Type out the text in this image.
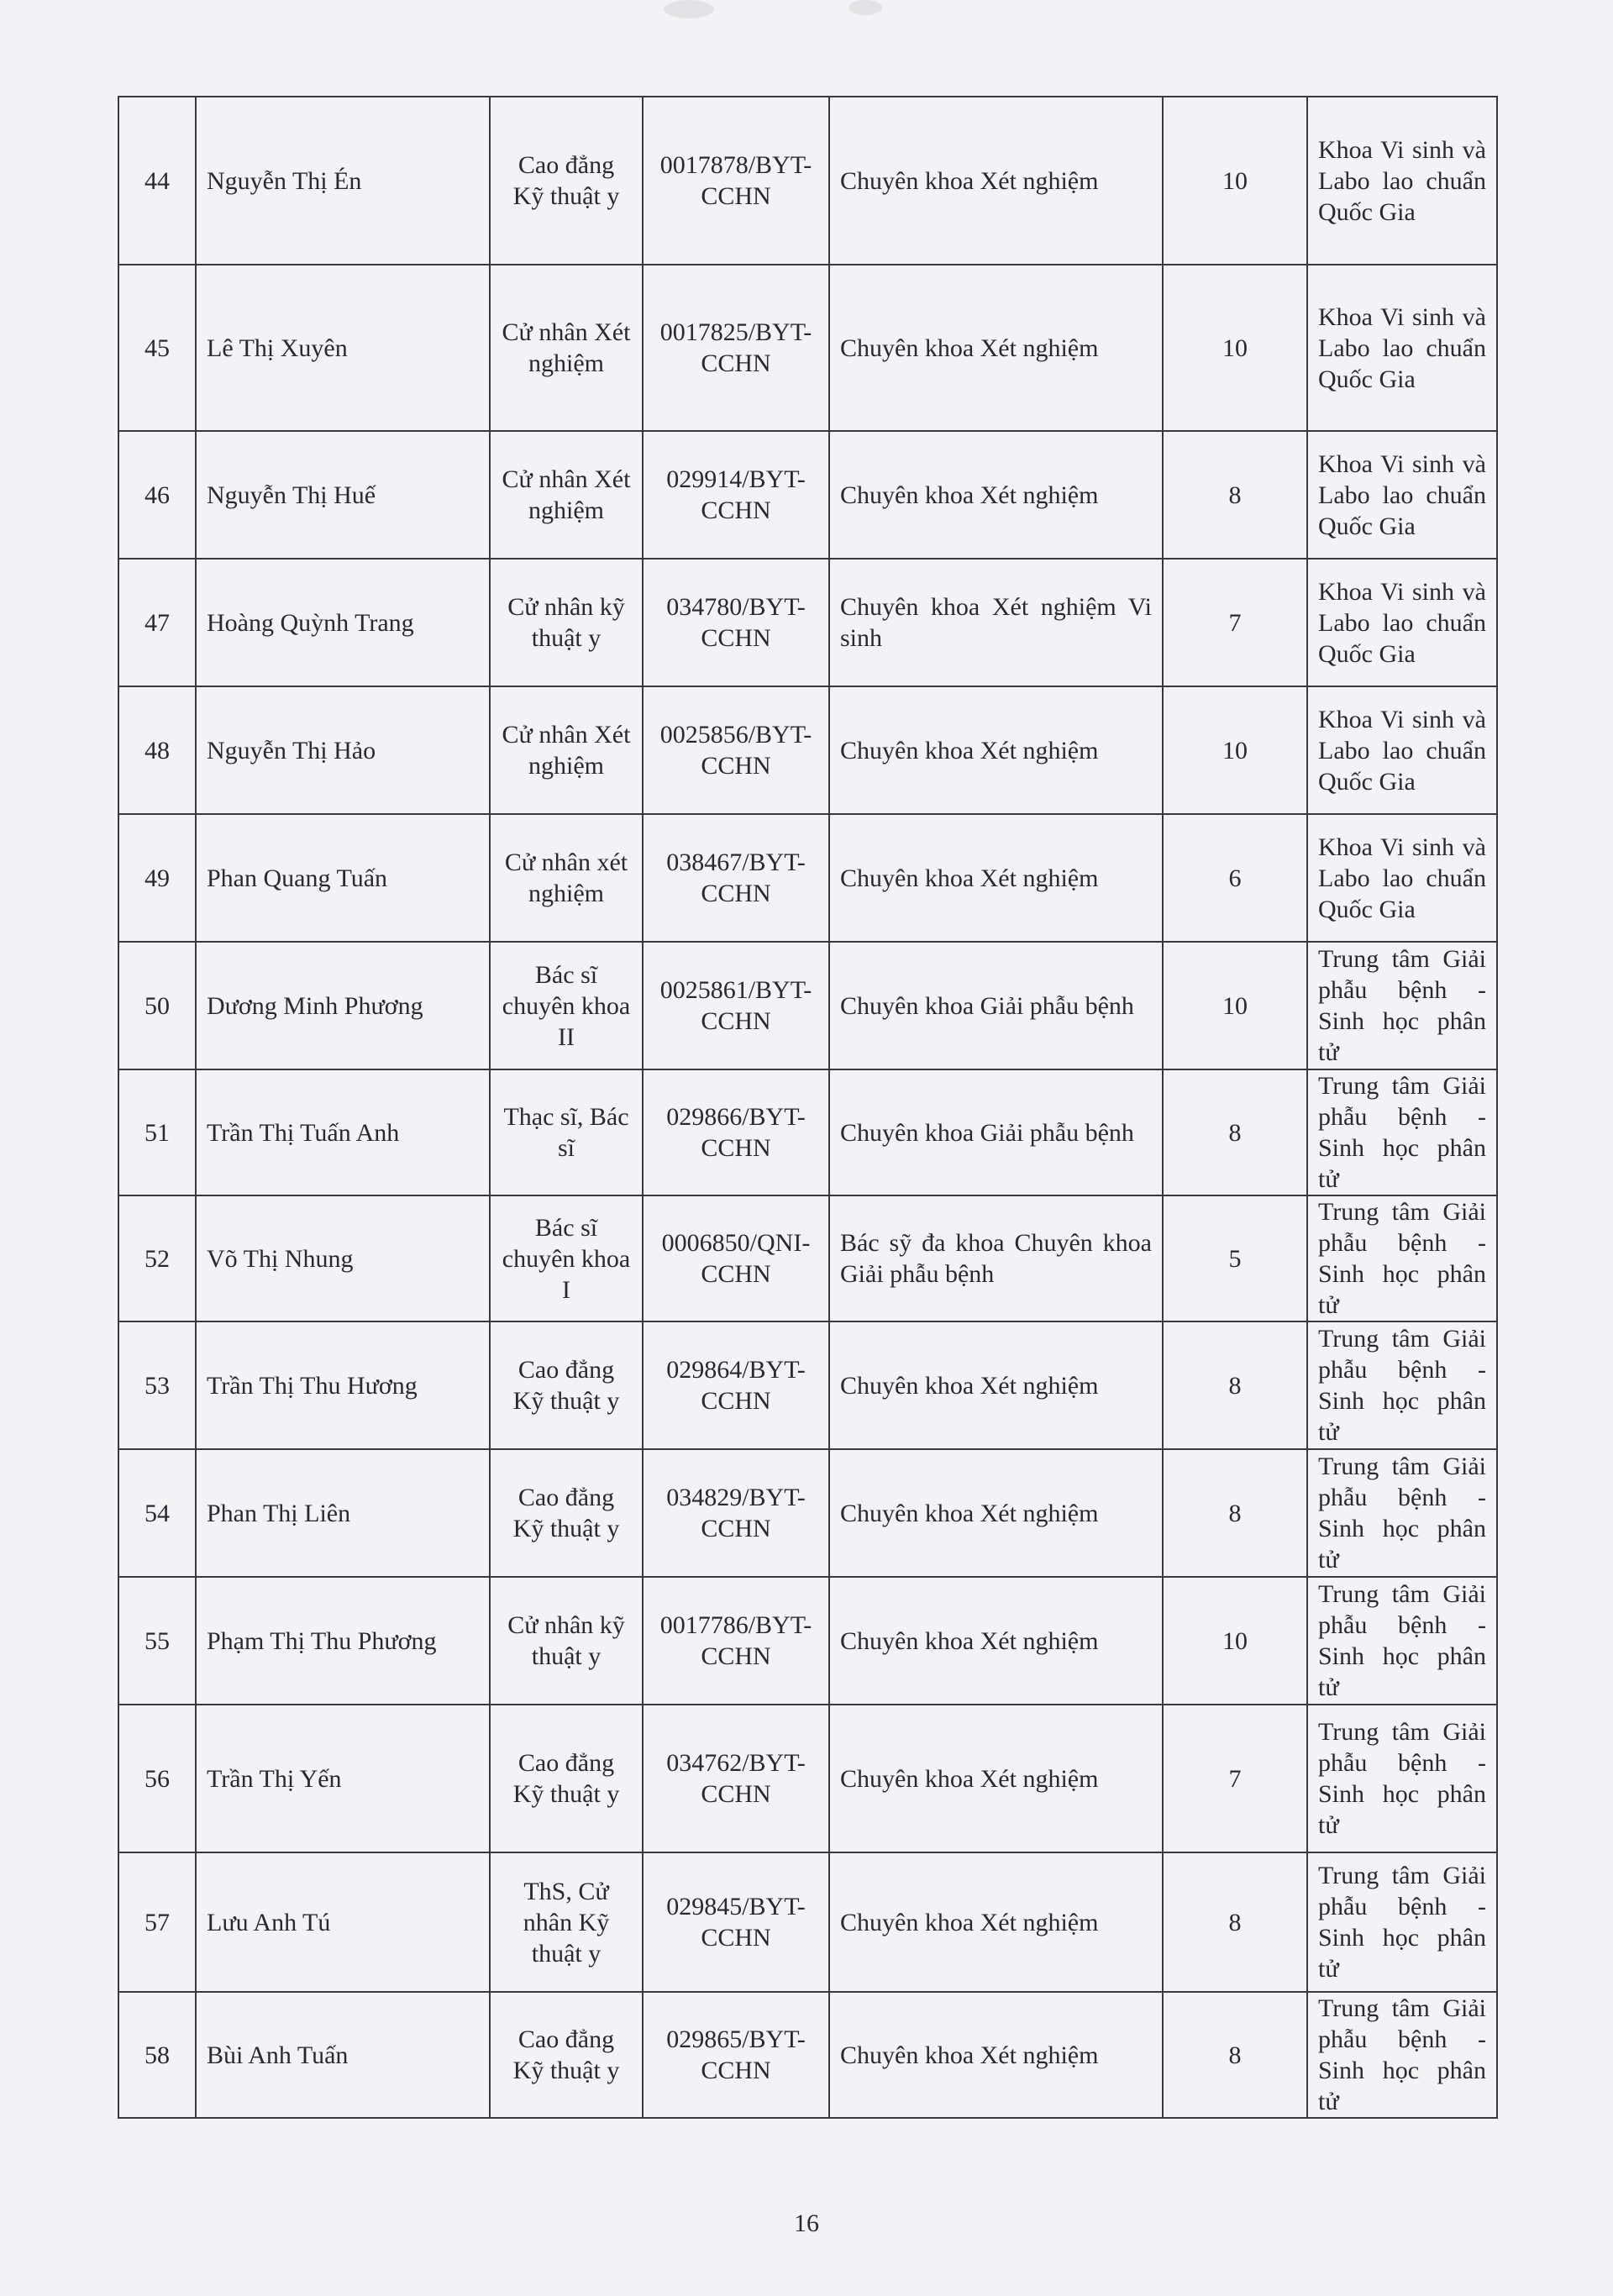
44	Nguyễn Thị Én	Cao đẳng Kỹ thuật y	0017878/BYT-CCHN	Chuyên khoa Xét nghiệm	10	Khoa Vi sinh và Labo lao chuẩn Quốc Gia
45	Lê Thị Xuyên	Cử nhân Xét nghiệm	0017825/BYT-CCHN	Chuyên khoa Xét nghiệm	10	Khoa Vi sinh và Labo lao chuẩn Quốc Gia
46	Nguyễn Thị Huế	Cử nhân Xét nghiệm	029914/BYT-CCHN	Chuyên khoa Xét nghiệm	8	Khoa Vi sinh và Labo lao chuẩn Quốc Gia
47	Hoàng Quỳnh Trang	Cử nhân kỹ thuật y	034780/BYT-CCHN	Chuyên khoa Xét nghiệm Vi sinh	7	Khoa Vi sinh và Labo lao chuẩn Quốc Gia
48	Nguyễn Thị Hảo	Cử nhân Xét nghiệm	0025856/BYT-CCHN	Chuyên khoa Xét nghiệm	10	Khoa Vi sinh và Labo lao chuẩn Quốc Gia
49	Phan Quang Tuấn	Cử nhân xét nghiệm	038467/BYT-CCHN	Chuyên khoa Xét nghiệm	6	Khoa Vi sinh và Labo lao chuẩn Quốc Gia
50	Dương Minh Phương	Bác sĩ chuyên khoa II	0025861/BYT-CCHN	Chuyên khoa Giải phẫu bệnh	10	Trung tâm Giải phẫu bệnh - Sinh học phân tử
51	Trần Thị Tuấn Anh	Thạc sĩ, Bác sĩ	029866/BYT-CCHN	Chuyên khoa Giải phẫu bệnh	8	Trung tâm Giải phẫu bệnh - Sinh học phân tử
52	Võ Thị Nhung	Bác sĩ chuyên khoa I	0006850/QNI-CCHN	Bác sỹ đa khoa Chuyên khoa Giải phẫu bệnh	5	Trung tâm Giải phẫu bệnh - Sinh học phân tử
53	Trần Thị Thu Hương	Cao đẳng Kỹ thuật y	029864/BYT-CCHN	Chuyên khoa Xét nghiệm	8	Trung tâm Giải phẫu bệnh - Sinh học phân tử
54	Phan Thị Liên	Cao đẳng Kỹ thuật y	034829/BYT-CCHN	Chuyên khoa Xét nghiệm	8	Trung tâm Giải phẫu bệnh - Sinh học phân tử
55	Phạm Thị Thu Phương	Cử nhân kỹ thuật y	0017786/BYT-CCHN	Chuyên khoa Xét nghiệm	10	Trung tâm Giải phẫu bệnh - Sinh học phân tử
56	Trần Thị Yến	Cao đẳng Kỹ thuật y	034762/BYT-CCHN	Chuyên khoa Xét nghiệm	7	Trung tâm Giải phẫu bệnh - Sinh học phân tử
57	Lưu Anh Tú	ThS, Cử nhân Kỹ thuật y	029845/BYT-CCHN	Chuyên khoa Xét nghiệm	8	Trung tâm Giải phẫu bệnh - Sinh học phân tử
58	Bùi Anh Tuấn	Cao đẳng Kỹ thuật y	029865/BYT-CCHN	Chuyên khoa Xét nghiệm	8	Trung tâm Giải phẫu bệnh - Sinh học phân tử
16
